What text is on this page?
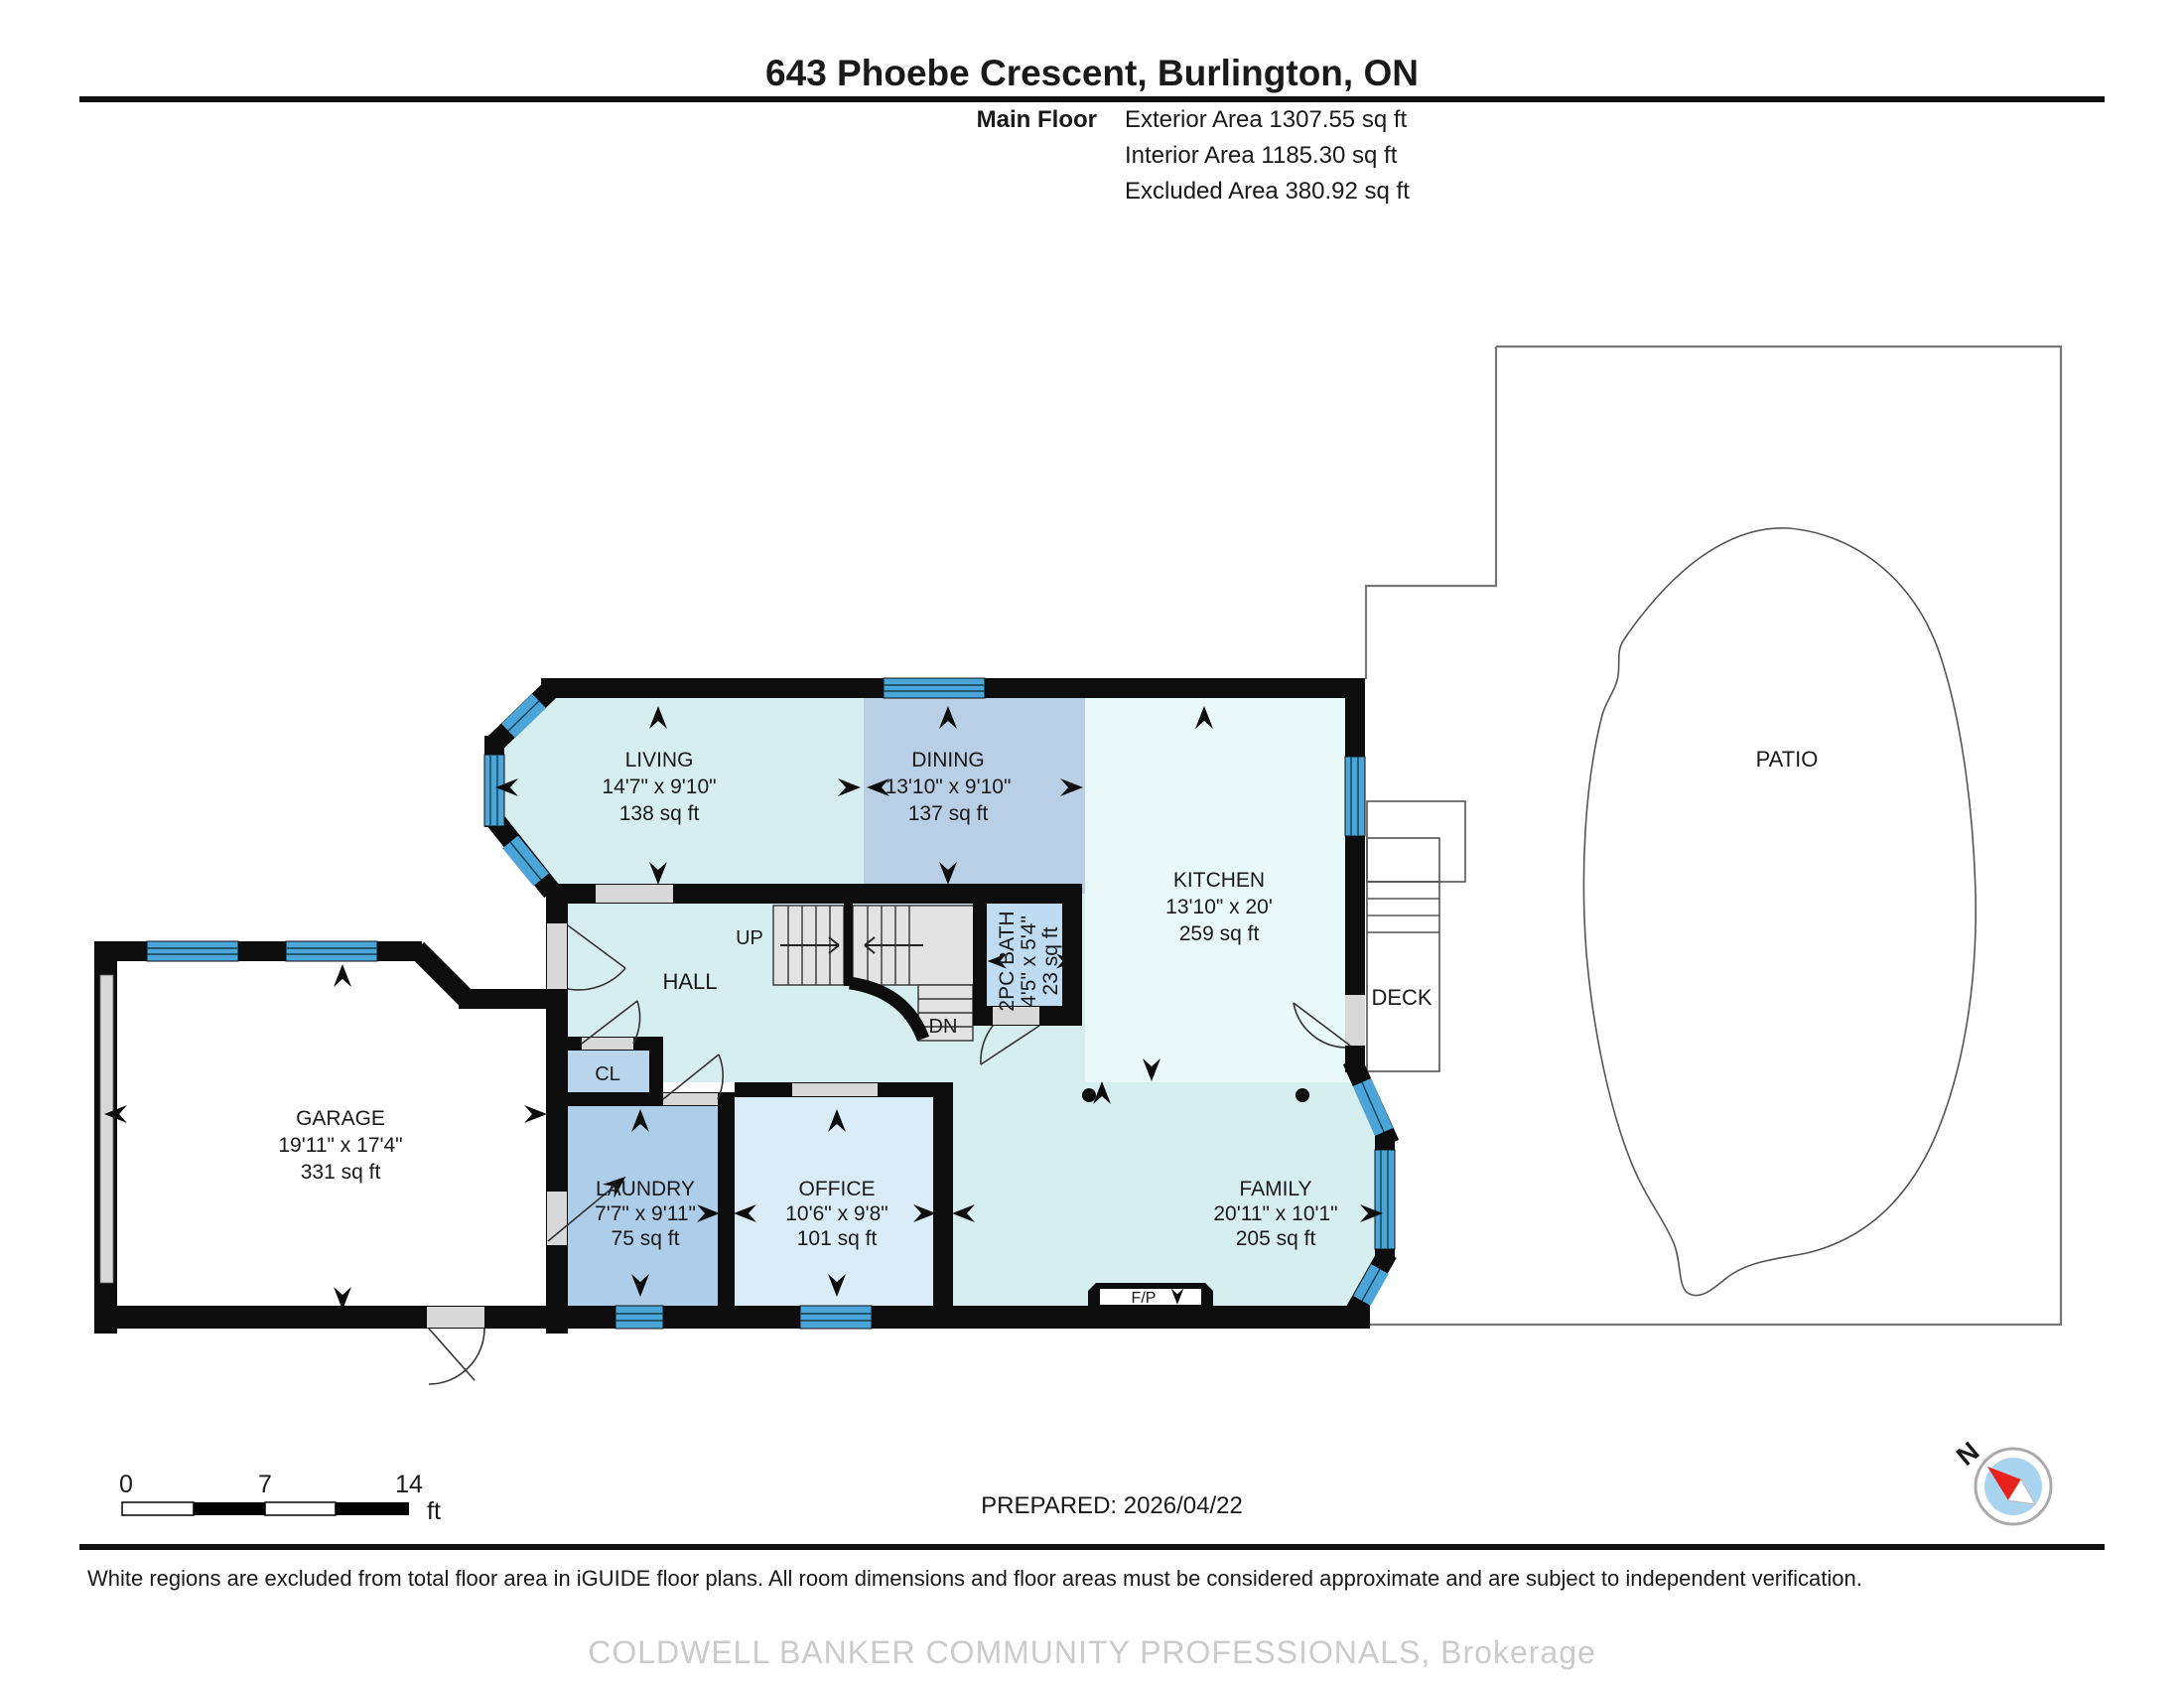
643 Phoebe Crescent, Burlington, ON
Main Floor Exterior Area 1307.55 sq ft
Interior Area 1185.30 sq ft
Excluded Area 380.92 sq ft
PATIO
DECK
UP
DN
F/P
LIVING
14'7" x 9'10"
138 sq ft
DINING
13'10" x 9'10"
137 sq ft
KITCHEN
13'10" x 20'
259 sq ft
2PC BATH 4'5" x 5'4" 23 sq ft
GARAGE
19'11" x 17'4"
331 sq ft
LAUNDRY
7'7" x 9'11"
75 sq ft
OFFICE
10'6" x 9'8"
101 sq ft
FAMILY
20'11" x 10'1"
205 sq ft
HALL
CL
0	7	14
ft	PREPARED: 2026/04/22
N
White regions are excluded from total floor area in iGUIDE floor plans. All room dimensions and floor areas must be considered approximate and are subject to independent verification.
COLDWELL BANKER COMMUNITY PROFESSIONALS, Brokerage
